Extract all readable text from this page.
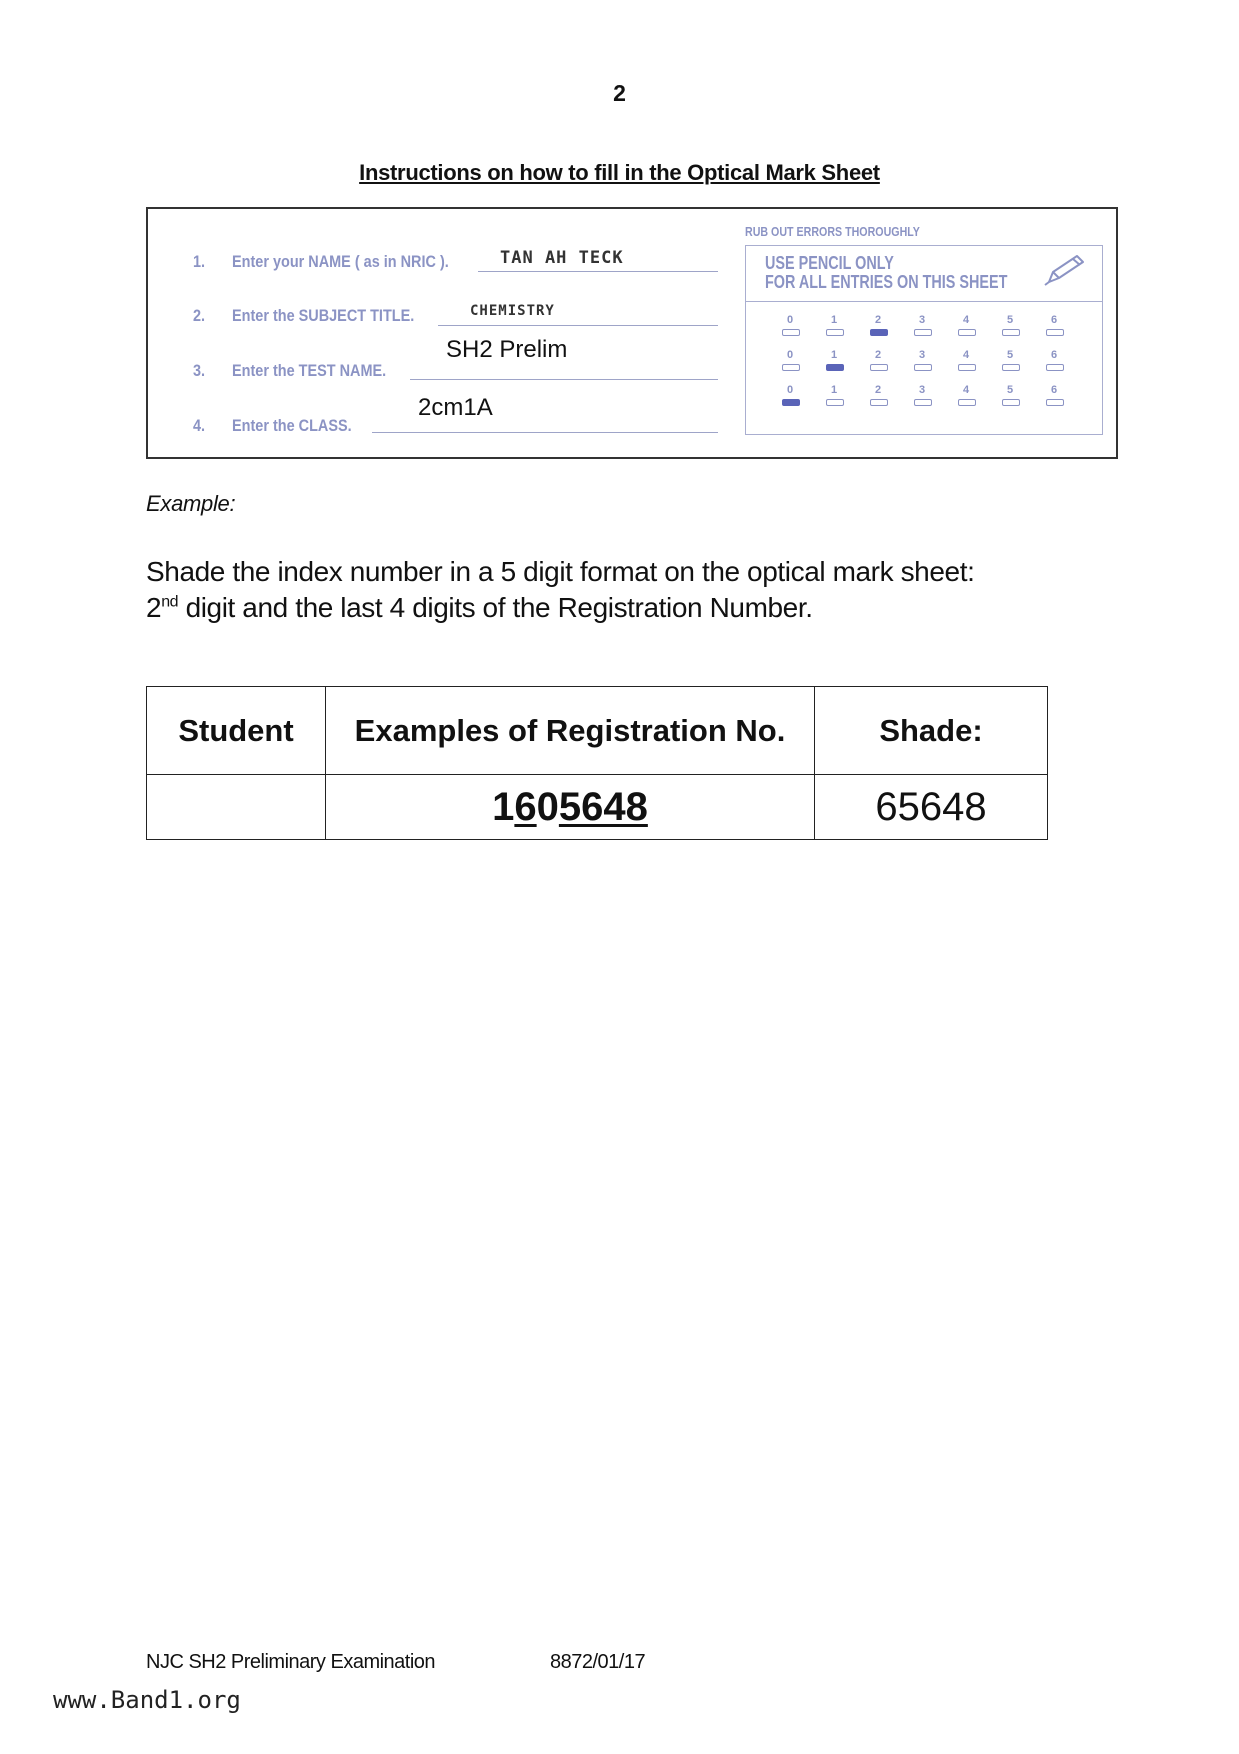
2
Instructions on how to fill in the Optical Mark Sheet
1. Enter your NAME ( as in NRIC ).	TAN AH TECK
2. Enter the SUBJECT TITLE.	CHEMISTRY
3. Enter the TEST NAME.
SH2 Prelim
4. Enter the CLASS.
2cm1A
RUB OUT ERRORS THOROUGHLY
USE PENCIL ONLY
FOR ALL ENTRIES ON THIS SHEET
0	1	2	3	4	5	6
0	1	2	3	4	5	6
0	1	2	3	4	5	6
Example:
Shade the index number in a 5 digit format on the optical mark sheet:
2nd digit and the last 4 digits of the Registration Number.
Student	Examples of Registration No.	Shade:
	1605648	65648
NJC SH2 Preliminary Examination	8872/01/17
www.Band1.org
